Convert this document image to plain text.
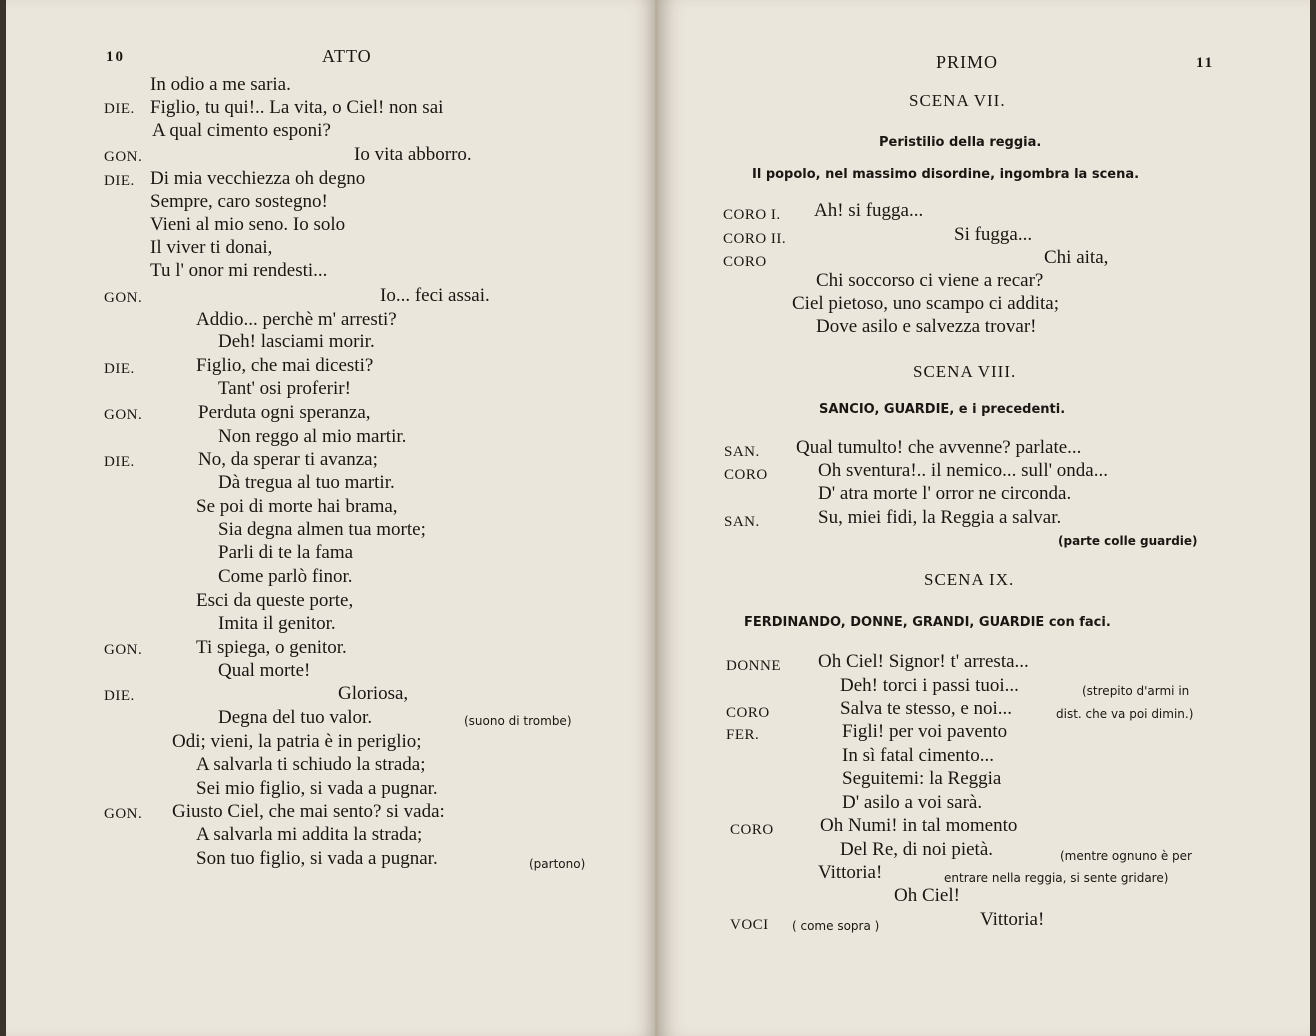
10	ATTO
In odio a me saria.
DIE. Figlio, tu qui!.. La vita, o Ciel! non sai
A qual cimento esponi?
GON.	Io vita abborro.
DIE. Di mia vecchiezza oh degno
Sempre, caro sostegno!
Vieni al mio seno. Io solo
Il viver ti donai,
Tu l' onor mi rendesti...
GON.	Io... feci assai.
Addio... perchè m' arresti?
Deh! lasciami morir.
DIE.	Figlio, che mai dicesti?
Tant' osi proferir!
GON.	Perduta ogni speranza,
Non reggo al mio martir.
DIE.	No, da sperar ti avanza;
Dà tregua al tuo martir.
Se poi di morte hai brama,
Sia degna almen tua morte;
Parli di te la fama
Come parlò finor.
Esci da queste porte,
Imita il genitor.
GON.	Ti spiega, o genitor.
Qual morte!
DIE.	Gloriosa,
Degna del tuo valor.	(suono di trombe)
Odi; vieni, la patria è in periglio;
A salvarla ti schiudo la strada;
Sei mio figlio, si vada a pugnar.
GON. Giusto Ciel, che mai sento? si vada:
A salvarla mi addita la strada;
Son tuo figlio, si vada a pugnar.	(partono)
PRIMO	11
SCENA VII.
Peristilio della reggia.
Il popolo, nel massimo disordine, ingombra la scena.
CORO I. Ah! si fugga...
CORO II.	Si fugga...
CORO	Chi aita,
Chi soccorso ci viene a recar?
Ciel pietoso, uno scampo ci addita;
Dove asilo e salvezza trovar!
SCENA VIII.
SANCIO, GUARDIE, e i precedenti.
SAN. Qual tumulto! che avvenne? parlate...
CORO	Oh sventura!.. il nemico... sull' onda...
D' atra morte l' orror ne circonda.
SAN.	Su, miei fidi, la Reggia a salvar.
(parte colle guardie)
SCENA IX.
FERDINANDO, DONNE, GRANDI, GUARDIE con faci.
DONNE Oh Ciel! Signor! t' arresta...
Deh! torci i passi tuoi...	(strepito d'armi in
CORO	Salva te stesso, e noi...	dist. che va poi dimin.)
FER.	Figli! per voi pavento
In sì fatal cimento...
Seguitemi: la Reggia
D' asilo a voi sarà.
CORO Oh Numi! in tal momento
Del Re, di noi pietà.	(mentre ognuno è per
Vittoria!	entrare nella reggia, si sente gridare)
Oh Ciel!
VOCI ( come sopra )	Vittoria!
